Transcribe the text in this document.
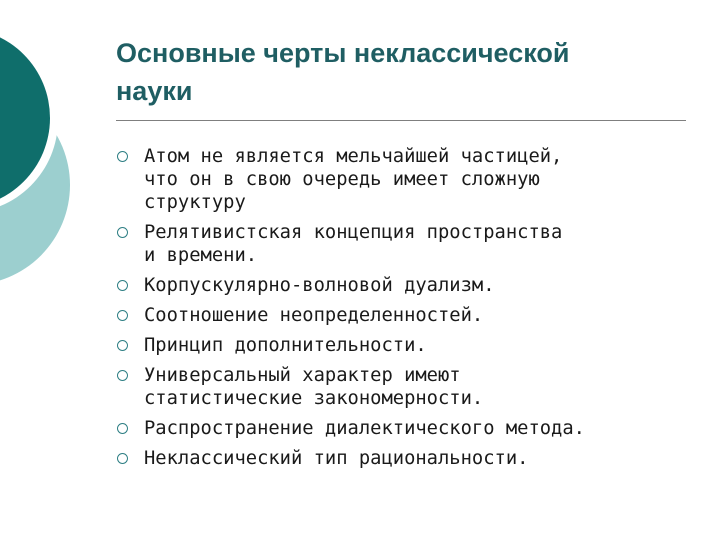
Основные черты неклассической
науки
Атом не является мельчайшей частицей,
что он в свою очередь имеет сложную
структуру
Релятивистская концепция пространства
и времени.
Корпускулярно-волновой дуализм.
Соотношение неопределенностей.
Принцип дополнительности.
Универсальный характер имеют
статистические закономерности.
Распространение диалектического метода.
Неклассический тип рациональности.
